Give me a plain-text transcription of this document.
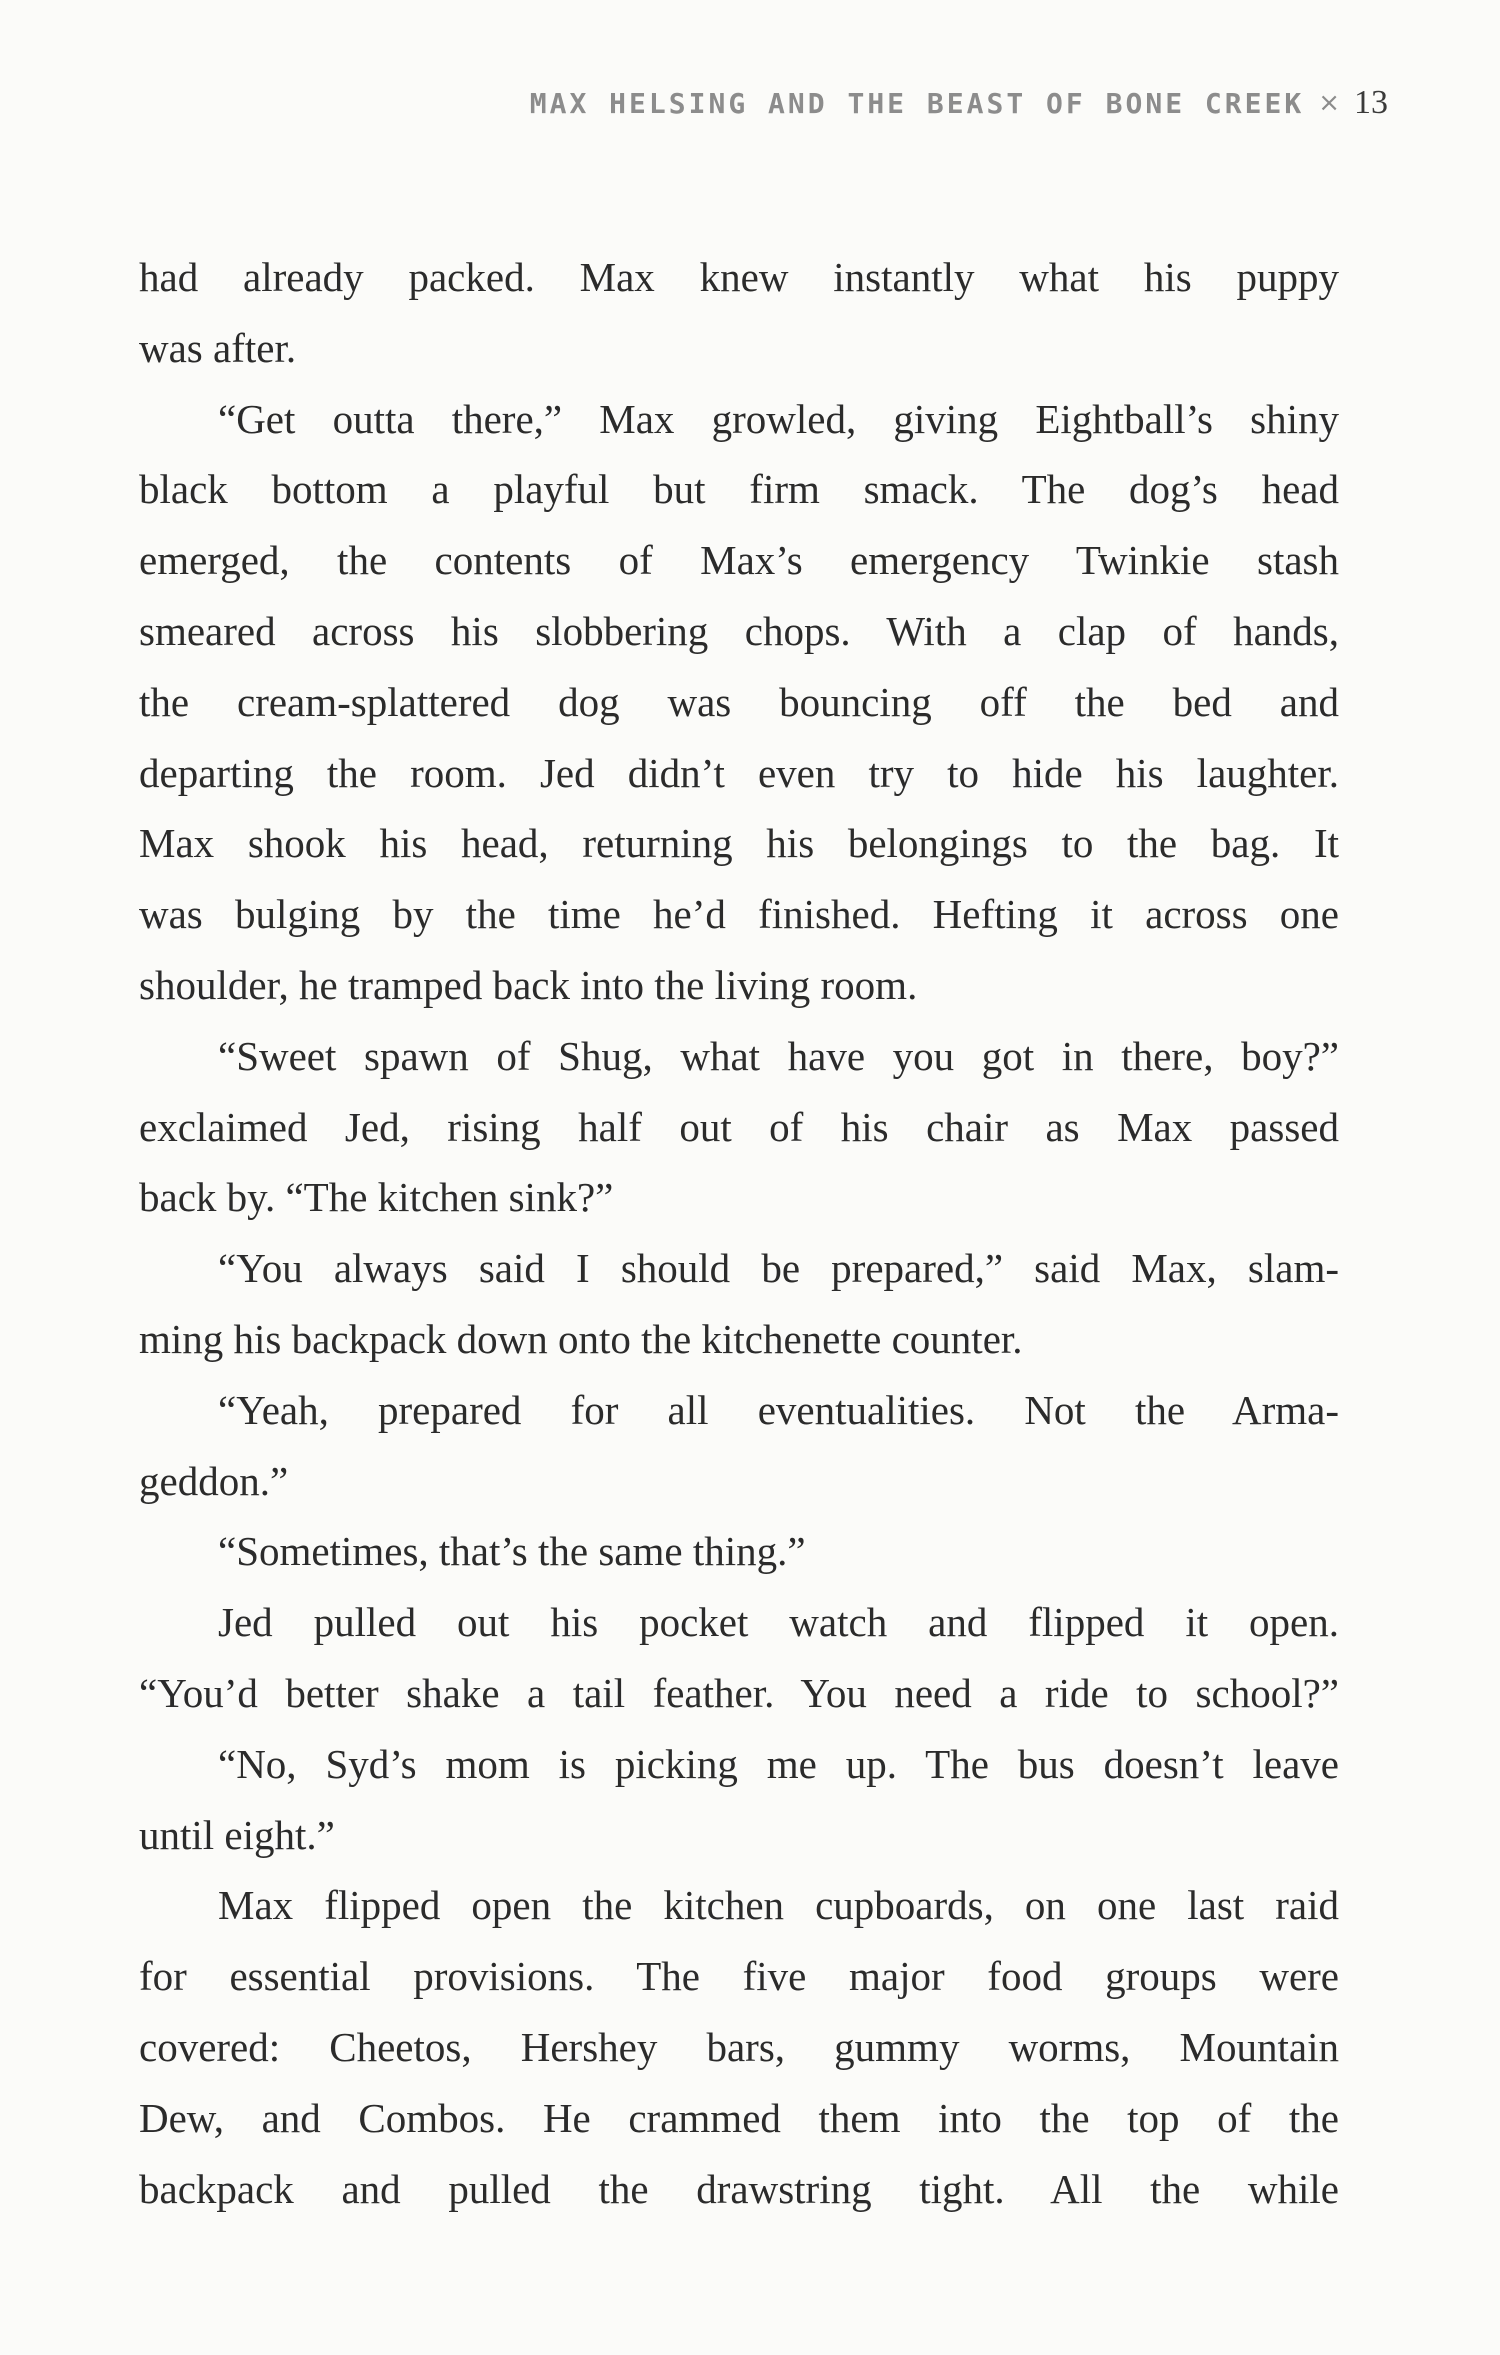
MAX HELSING AND THE BEAST OF BONE CREEK × 13
had already packed. Max knew instantly what his puppy
was after.
“Get outta there,” Max growled, giving Eightball’s shiny
black bottom a playful but firm smack. The dog’s head
emerged, the contents of Max’s emergency Twinkie stash
smeared across his slobbering chops. With a clap of hands,
the cream-splattered dog was bouncing off the bed and
departing the room. Jed didn’t even try to hide his laughter.
Max shook his head, returning his belongings to the bag. It
was bulging by the time he’d finished. Hefting it across one
shoulder, he tramped back into the living room.
“Sweet spawn of Shug, what have you got in there, boy?”
exclaimed Jed, rising half out of his chair as Max passed
back by. “The kitchen sink?”
“You always said I should be prepared,” said Max, slam-
ming his backpack down onto the kitchenette counter.
“Yeah, prepared for all eventualities. Not the Arma-
geddon.”
“Sometimes, that’s the same thing.”
Jed pulled out his pocket watch and flipped it open.
“You’d better shake a tail feather. You need a ride to school?”
“No, Syd’s mom is picking me up. The bus doesn’t leave
until eight.”
Max flipped open the kitchen cupboards, on one last raid
for essential provisions. The five major food groups were
covered: Cheetos, Hershey bars, gummy worms, Mountain
Dew, and Combos. He crammed them into the top of the
backpack and pulled the drawstring tight. All the while
